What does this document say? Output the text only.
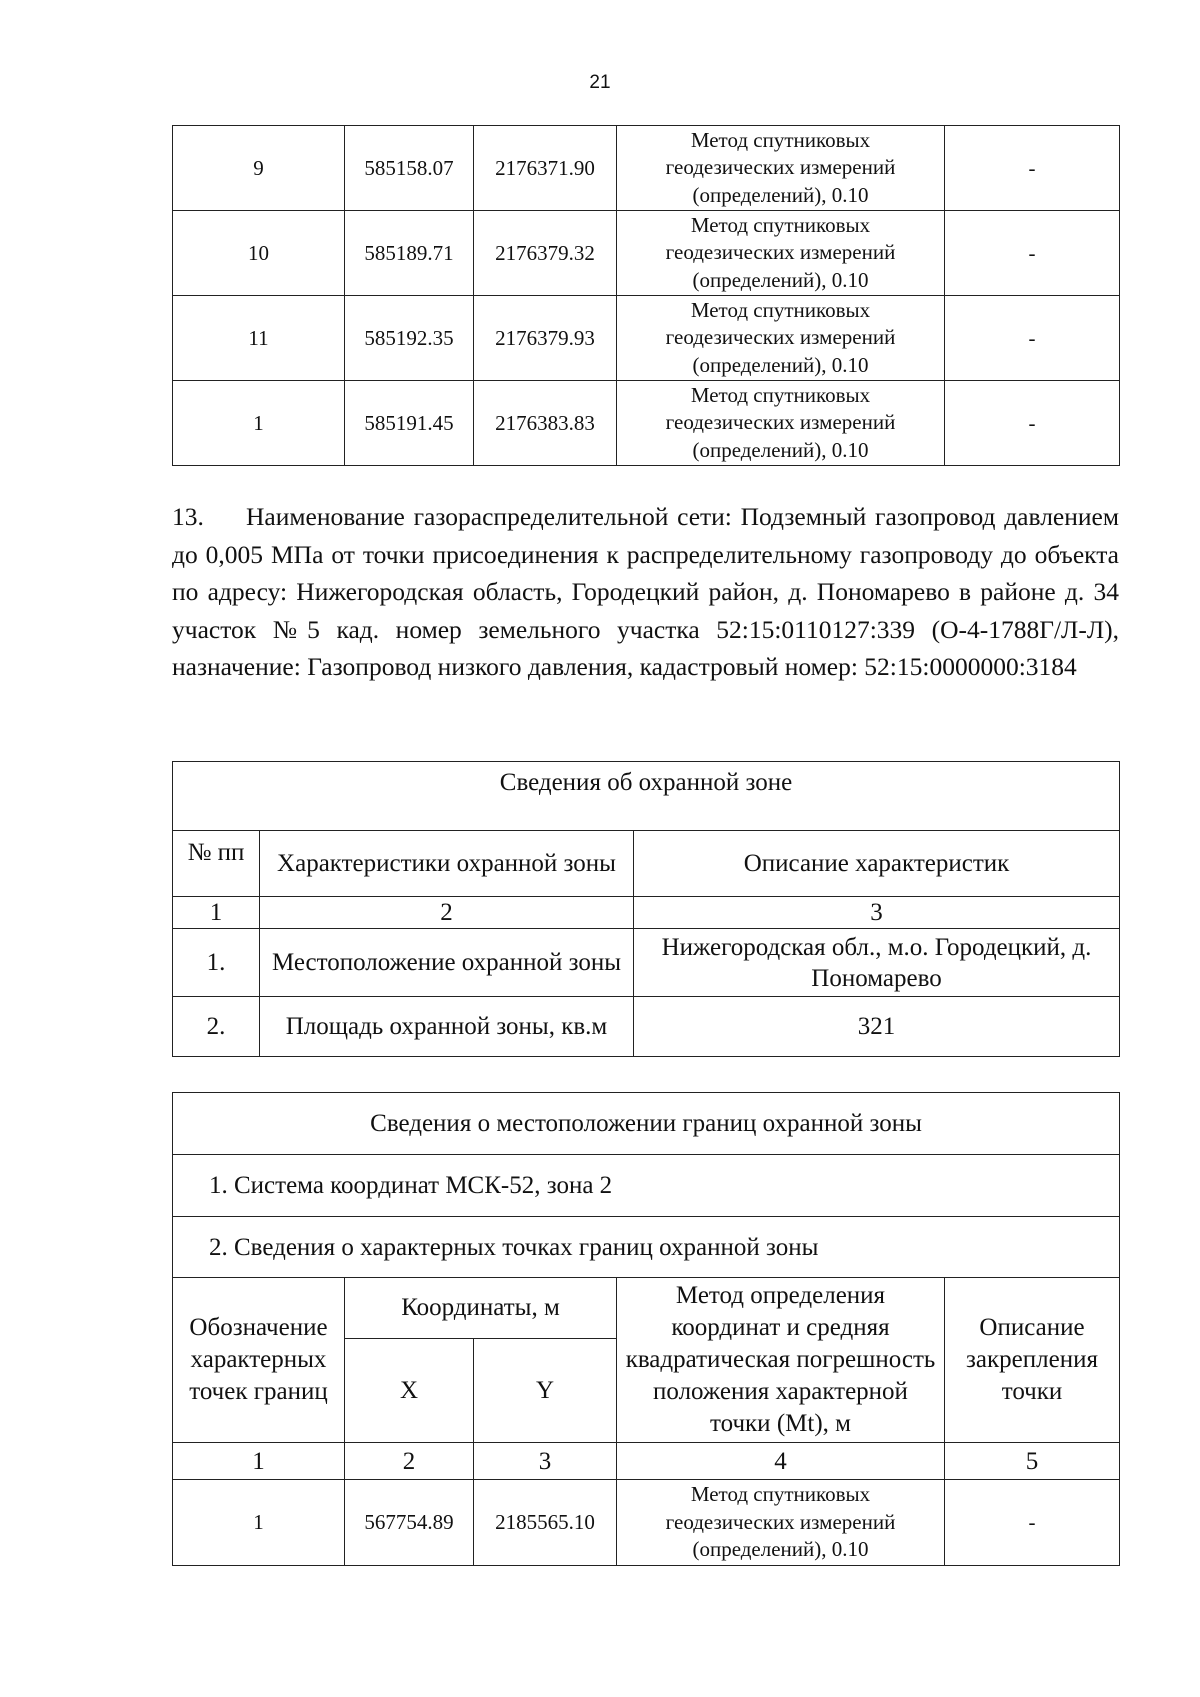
21
9	585158.07	2176371.90	Метод спутниковых
геодезических измерений
(определений), 0.10	-
10	585189.71	2176379.32	Метод спутниковых
геодезических измерений
(определений), 0.10	-
11	585192.35	2176379.93	Метод спутниковых
геодезических измерений
(определений), 0.10	-
1	585191.45	2176383.83	Метод спутниковых
геодезических измерений
(определений), 0.10	-

13. Наименование газораспределительной сети: Подземный газопровод давлением до 0,005 МПа от точки присоединения к распределительному газопроводу до объекта по адресу: Нижегородская область, Городецкий район, д. Пономарево в районе д. 34 участок №5 кад. номер земельного участка 52:15:0110127:339 (О-4-1788Г/Л-Л), назначение: Газопровод низкого давления, кадастровый номер: 52:15:0000000:3184

Сведения об охранной зоне		
№ пп	Характеристики охранной зоны	Описание характеристик
1	2	3
1.	Местоположение охранной зоны	Нижегородская обл., м.о. Городецкий, д. Пономарево
2.	Площадь охранной зоны, кв.м	321
Сведения о местоположении границ охранной зоны				
1. Система координат МСК-52, зона 2				
2. Сведения о характерных точках границ охранной зоны				
Обозначение характерных точек границ	Координаты, м		Метод определения координат и средняя квадратическая погрешность положения характерной точки (Mt), м	Описание закрепления точки
	X	Y		
1	2	3	4	5
1	567754.89	2185565.10	Метод спутниковых
геодезических измерений
(определений), 0.10	-
